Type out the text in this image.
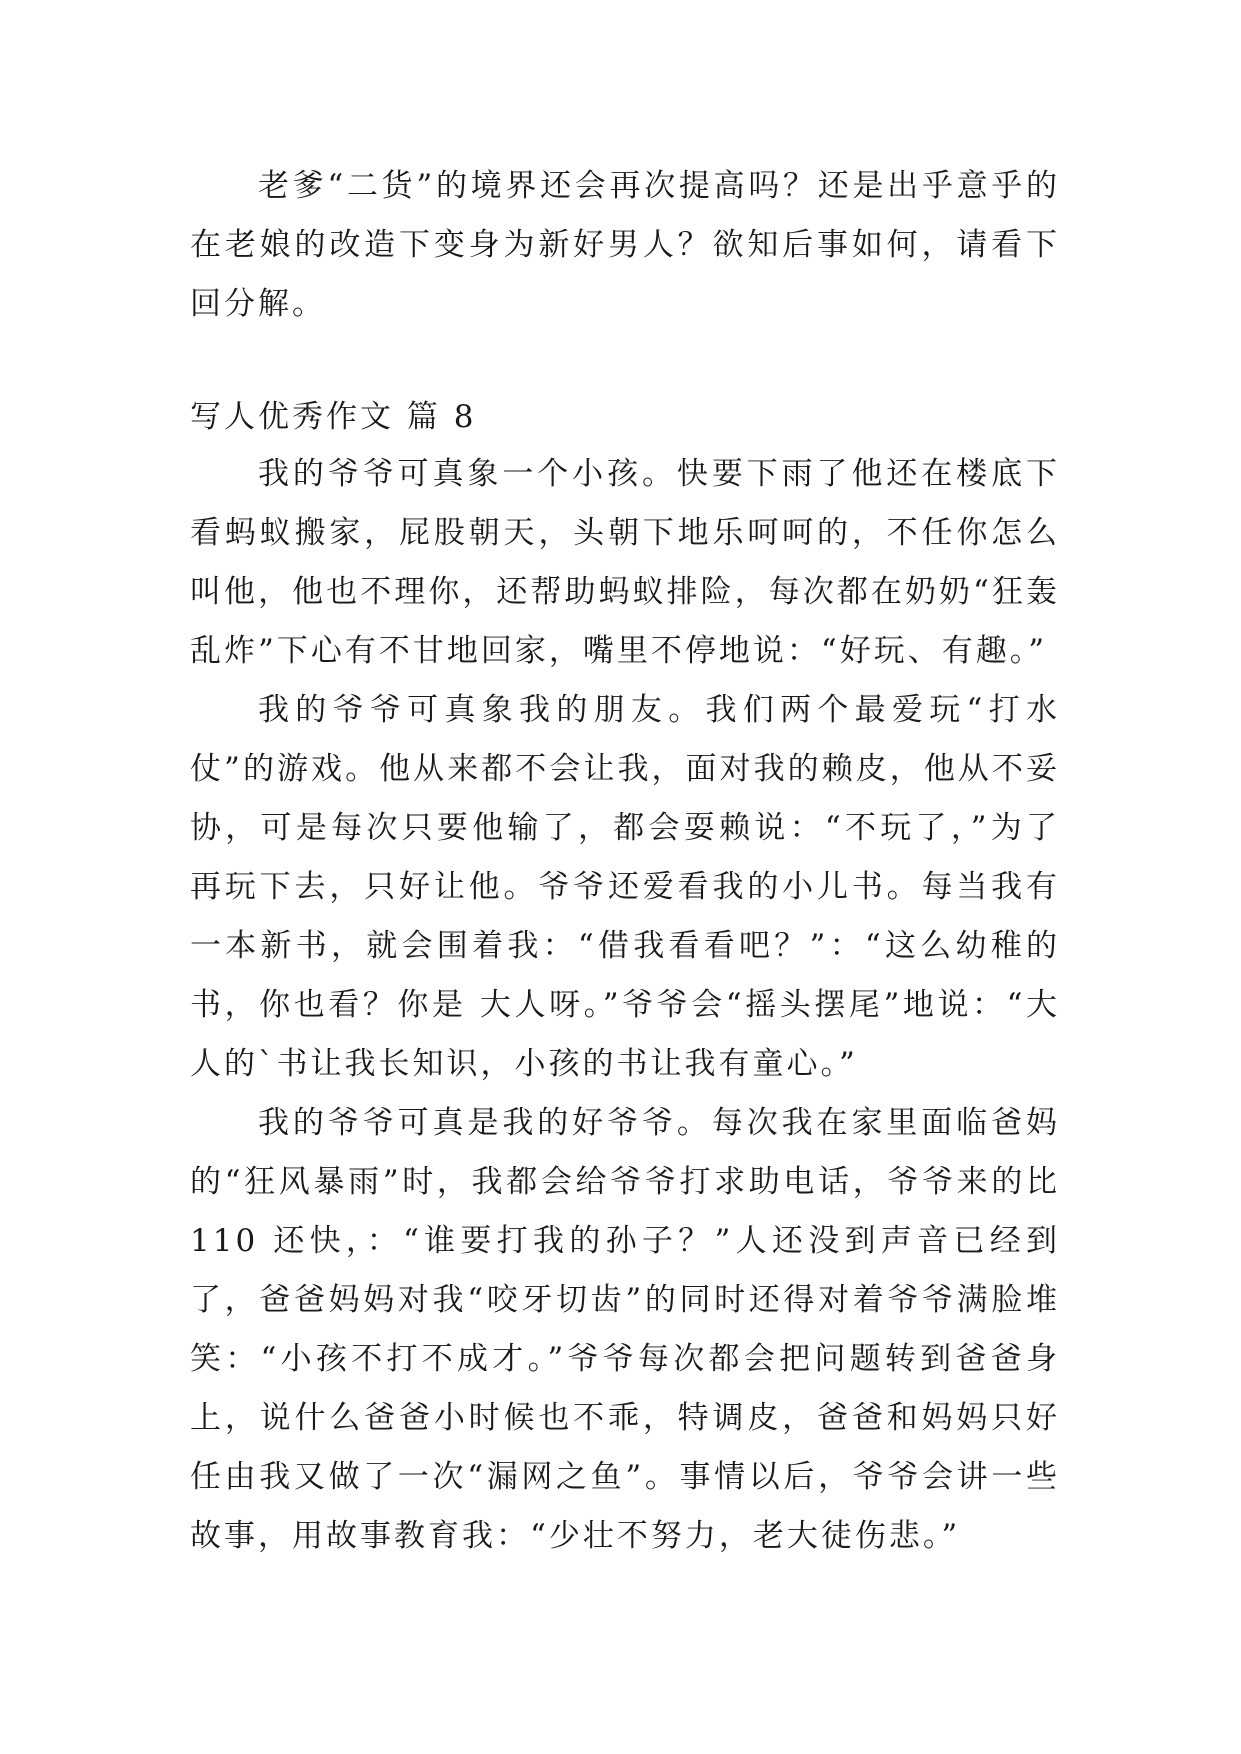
老爹“二货”的境界还会再次提高吗？还是出乎意乎的在老娘的改造下变身为新好男人？欲知后事如何，请看下回分解。

写人优秀作文 篇 8

我的爷爷可真象一个小孩。快要下雨了他还在楼底下看蚂蚁搬家，屁股朝天，头朝下地乐呵呵的，不任你怎么叫他，他也不理你，还帮助蚂蚁排险，每次都在奶奶“狂轰乱炸”下心有不甘地回家，嘴里不停地说：“好玩、有趣。”

我的爷爷可真象我的朋友。我们两个最爱玩“打水仗”的游戏。他从来都不会让我，面对我的赖皮，他从不妥协，可是每次只要他输了，都会耍赖说：“不玩了，”为了再玩下去，只好让他。爷爷还爱看我的小儿书。每当我有一本新书，就会围着我：“借我看看吧？”：“这么幼稚的书，你也看？你是 大人呀。”爷爷会“摇头摆尾”地说：“大人的`书让我长知识，小孩的书让我有童心。”

我的爷爷可真是我的好爷爷。每次我在家里面临爸妈的“狂风暴雨”时，我都会给爷爷打求助电话，爷爷来的比 110 还快，：“谁要打我的孙子？”人还没到声音已经到了，爸爸妈妈对我“咬牙切齿”的同时还得对着爷爷满脸堆笑：“小孩不打不成才。”爷爷每次都会把问题转到爸爸身上，说什么爸爸小时候也不乖，特调皮，爸爸和妈妈只好任由我又做了一次“漏网之鱼”。事情以后，爷爷会讲一些故事，用故事教育我：“少壮不努力，老大徒伤悲。”
